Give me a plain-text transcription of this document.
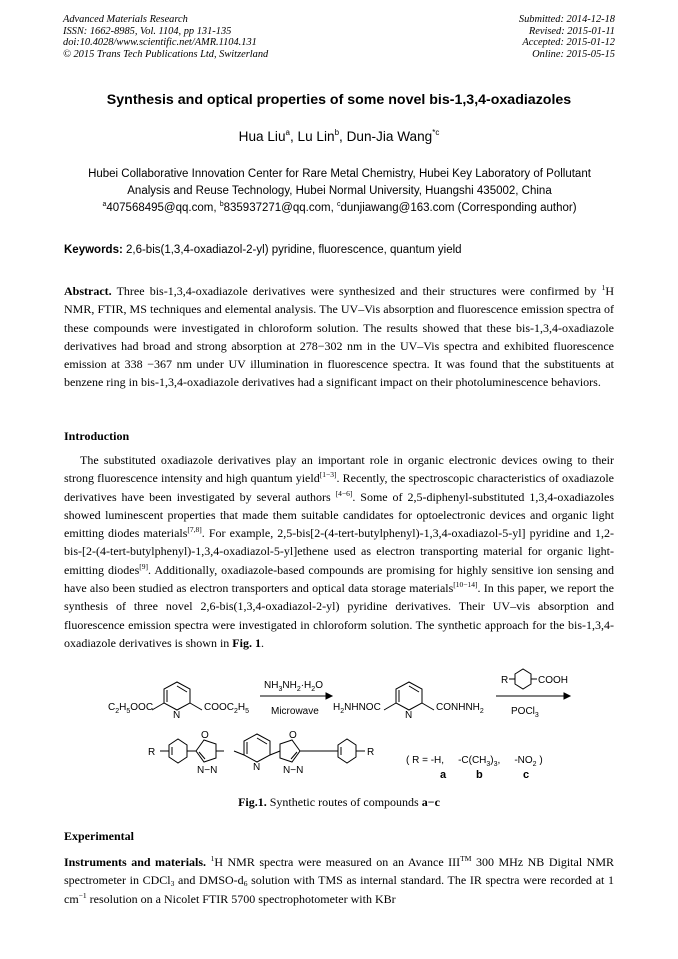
Advanced Materials Research
ISSN: 1662-8985, Vol. 1104, pp 131-135
doi:10.4028/www.scientific.net/AMR.1104.131
© 2015 Trans Tech Publications Ltd, Switzerland
Submitted: 2014-12-18
Revised: 2015-01-11
Accepted: 2015-01-12
Online: 2015-05-15
Synthesis and optical properties of some novel bis-1,3,4-oxadiazoles
Hua Liu$^a$, Lu Lin$^b$, Dun-Jia Wang$^{*c}$
Hubei Collaborative Innovation Center for Rare Metal Chemistry, Hubei Key Laboratory of Pollutant
Analysis and Reuse Technology, Hubei Normal University, Huangshi 435002, China
$^a$407568495@qq.com, $^b$835937271@qq.com, $^c$dunjiawang@163.com (Corresponding author)
Keywords: 2,6-bis(1,3,4-oxadiazol-2-yl) pyridine, fluorescence, quantum yield
Abstract. Three bis-1,3,4-oxadiazole derivatives were synthesized and their structures were confirmed by $^1$H NMR, FTIR, MS techniques and elemental analysis. The UV–Vis absorption and fluorescence emission spectra of these compounds were investigated in chloroform solution. The results showed that these bis-1,3,4-oxadiazole derivatives had broad and strong absorption at 278−302 nm in the UV–Vis spectra and exhibited fluorescence emission at 338 −367 nm under UV illumination in fluorescence spectra. It was found that the substituents at benzene ring in bis-1,3,4-oxadiazole derivatives had a significant impact on their photoluminescence behaviors.
Introduction
The substituted oxadiazole derivatives play an important role in organic electronic devices owing to their strong fluorescence intensity and high quantum yield[1−3]. Recently, the spectroscopic characteristics of oxadiazole derivatives have been investigated by several authors [4−6]. Some of 2,5-diphenyl-substituted 1,3,4-oxadiazoles showed luminescent properties that made them suitable candidates for optoelectronic devices and organic light emitting diodes materials[7,8]. For example, 2,5-bis[2-(4-tert-butylphenyl)-1,3,4-oxadiazol-5-yl] pyridine and 1,2-bis-[2-(4-tert-butylphenyl)-1,3,4-oxadiazol-5-yl]ethene used as electron transporting material for organic light-emitting diodes[9]. Additionally, oxadiazole-based compounds are promising for highly sensitive ion sensing and have also been studied as electron transporters and optical data storage materials[10−14]. In this paper, we report the synthesis of three novel 2,6-bis(1,3,4-oxadiazol-2-yl) pyridine derivatives. Their UV–vis absorption and fluorescence emission spectra were investigated in chloroform solution. The synthetic approach for the bis-1,3,4-oxadiazole derivatives is shown in Fig. 1.
$C_2H_5OOC$
N
$COOC_2H_5$
$NH_3NH_2\cdot H_2O$
Microwave $H_2NHNOC$
N
$CONHNH_2$
R	COOH
POCl$_3$
R
O
N−N	N
O
N−N
R
( R = -H, $-C(CH_3)_3$, $-NO_2$ )
a	b	c
Fig.1. Synthetic routes of compounds a−c
Experimental
Instruments and materials. $^1$H NMR spectra were measured on an Avance III™ 300 MHz NB Digital NMR spectrometer in CDCl$_3$ and DMSO-$d_6$ solution with TMS as internal standard. The IR spectra were recorded at 1 $cm^{-1}$ resolution on a Nicolet FTIR 5700 spectrophotometer with KBr
